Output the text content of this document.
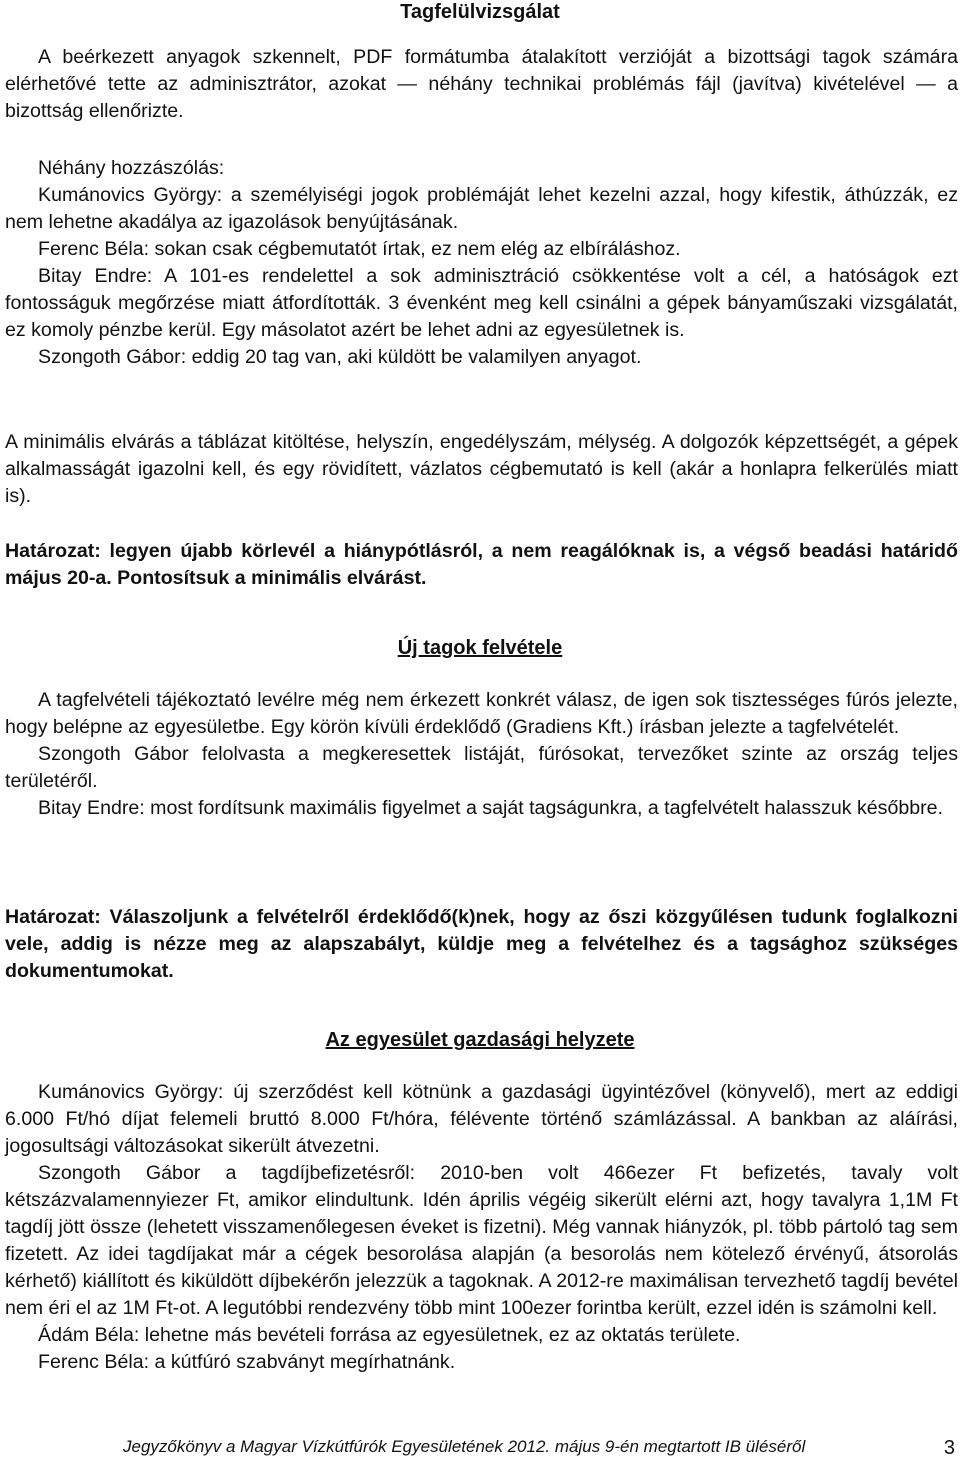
Tagfelülvizsgálat

A beérkezett anyagok szkennelt, PDF formátumba átalakított verzióját a bizottsági tagok számára elérhetővé tette az adminisztrátor, azokat — néhány technikai problémás fájl (javítva) kivételével — a bizottság ellenőrizte.

Néhány hozzászólás:

Kumánovics György: a személyiségi jogok problémáját lehet kezelni azzal, hogy kifestik, áthúzzák, ez nem lehetne akadálya az igazolások benyújtásának.

Ferenc Béla: sokan csak cégbemutatót írtak, ez nem elég az elbíráláshoz.

Bitay Endre: A 101-es rendelettel a sok adminisztráció csökkentése volt a cél, a hatóságok ezt fontosságuk megőrzése miatt átfordították. 3 évenként meg kell csinálni a gépek bányaműszaki vizsgálatát, ez komoly pénzbe kerül. Egy másolatot azért be lehet adni az egyesületnek is.

Szongoth Gábor: eddig 20 tag van, aki küldött be valamilyen anyagot.

A minimális elvárás a táblázat kitöltése, helyszín, engedélyszám, mélység. A dolgozók képzettségét, a gépek alkalmasságát igazolni kell, és egy rövidített, vázlatos cégbemutató is kell (akár a honlapra felkerülés miatt is).

Határozat: legyen újabb körlevél a hiánypótlásról, a nem reagálóknak is, a végső beadási határidő május 20-a. Pontosítsuk a minimális elvárást.

Új tagok felvétele

A tagfelvételi tájékoztató levélre még nem érkezett konkrét válasz, de igen sok tisztességes fúrós jelezte, hogy belépne az egyesületbe. Egy körön kívüli érdeklődő (Gradiens Kft.) írásban jelezte a tagfelvételét.

Szongoth Gábor felolvasta a megkeresettek listáját, fúrósokat, tervezőket szinte az ország teljes területéről.

Bitay Endre: most fordítsunk maximális figyelmet a saját tagságunkra, a tagfelvételt halasszuk későbbre.

Határozat: Válaszoljunk a felvételről érdeklődő(k)nek, hogy az őszi közgyűlésen tudunk foglalkozni vele, addig is nézze meg az alapszabályt, küldje meg a felvételhez és a tagsághoz szükséges dokumentumokat.

Az egyesület gazdasági helyzete

Kumánovics György: új szerződést kell kötnünk a gazdasági ügyintézővel (könyvelő), mert az eddigi 6.000 Ft/hó díjat felemeli bruttó 8.000 Ft/hóra, félévente történő számlázással. A bankban az aláírási, jogosultsági változásokat sikerült átvezetni.

Szongoth Gábor a tagdíjbefizetésről: 2010-ben volt 466ezer Ft befizetés, tavaly volt kétszázvalamennyiezer Ft, amikor elindultunk. Idén április végéig sikerült elérni azt, hogy tavalyra 1,1M Ft tagdíj jött össze (lehetett visszamenőlegesen éveket is fizetni). Még vannak hiányzók, pl. több pártoló tag sem fizetett. Az idei tagdíjakat már a cégek besorolása alapján (a besorolás nem kötelező érvényű, átsorolás kérhető) kiállított és kiküldött díjbekérőn jelezzük a tagoknak. A 2012-re maximálisan tervezhető tagdíj bevétel nem éri el az 1M Ft-ot. A legutóbbi rendezvény több mint 100ezer forintba került, ezzel idén is számolni kell.

Ádám Béla: lehetne más bevételi forrása az egyesületnek, ez az oktatás területe.

Ferenc Béla: a kútfúró szabványt megírhatnánk.

Jegyzőkönyv a Magyar Vízkútfúrók Egyesületének 2012. május 9-én megtartott IB üléséről	3
